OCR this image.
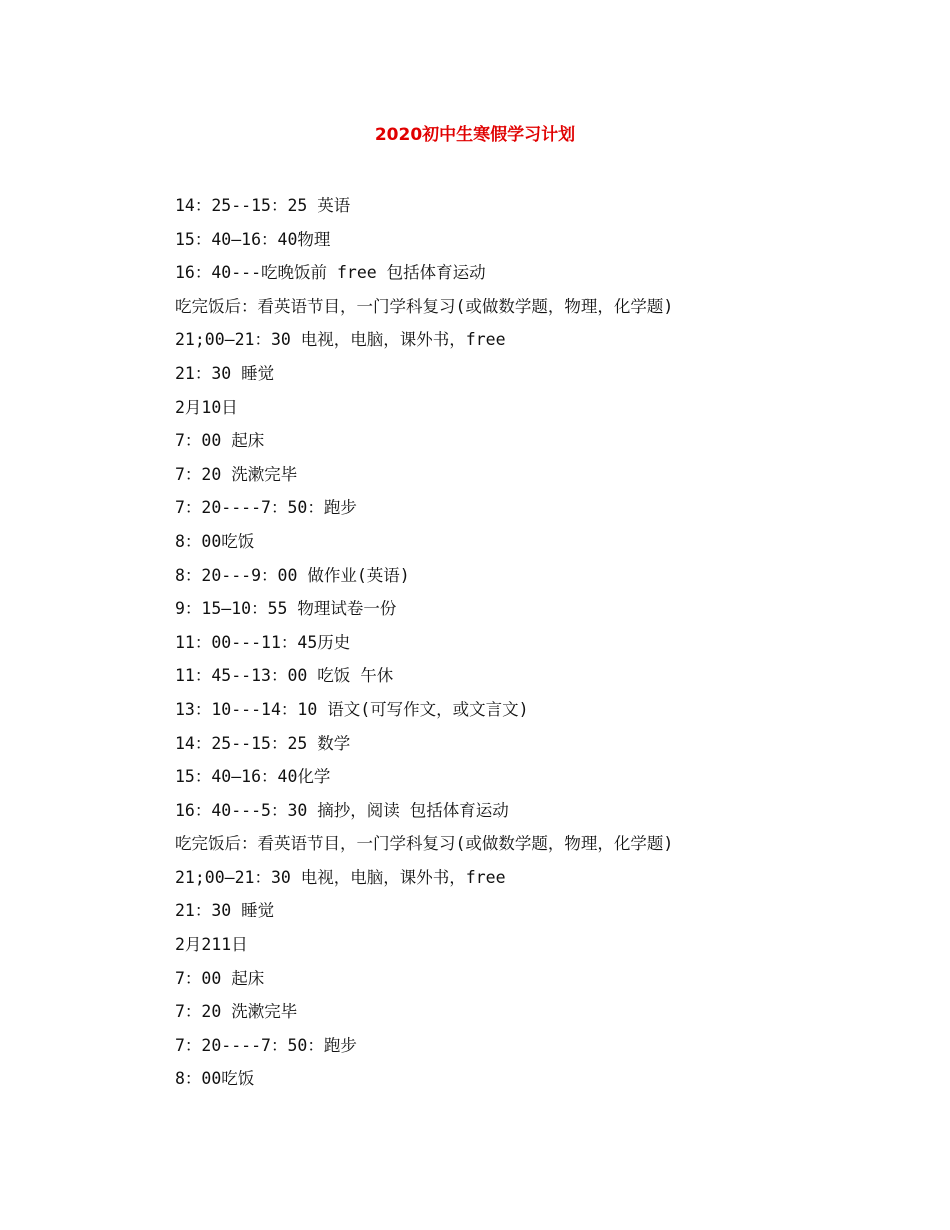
2020初中生寒假学习计划
14：25--15：25 英语
15：40—16：40物理
16：40---吃晚饭前 free 包括体育运动
吃完饭后：看英语节目，一门学科复习(或做数学题，物理，化学题)
21;00—21：30 电视，电脑，课外书，free
21：30 睡觉
2月10日
7：00 起床
7：20 洗漱完毕
7：20----7：50：跑步
8：00吃饭
8：20---9：00 做作业(英语)
9：15—10：55 物理试卷一份
11：00---11：45历史
11：45--13：00 吃饭 午休
13：10---14：10 语文(可写作文，或文言文)
14：25--15：25 数学
15：40—16：40化学
16：40---5：30 摘抄，阅读 包括体育运动
吃完饭后：看英语节目，一门学科复习(或做数学题，物理，化学题)
21;00—21：30 电视，电脑，课外书，free
21：30 睡觉
2月211日
7：00 起床
7：20 洗漱完毕
7：20----7：50：跑步
8：00吃饭
